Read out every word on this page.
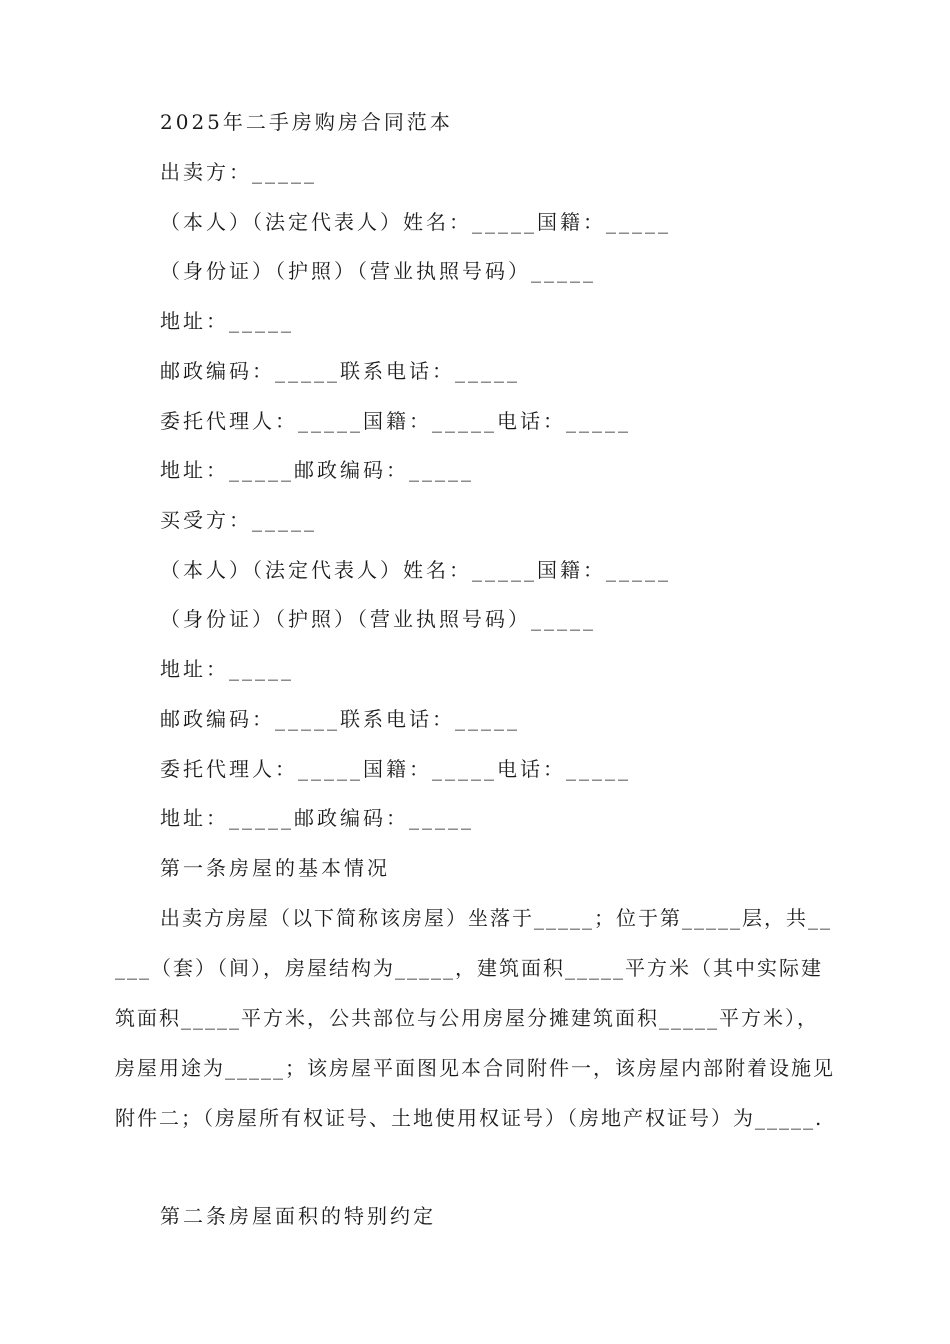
2025年二手房购房合同范本
出卖方：_____
（本人）（法定代表人）姓名：_____国籍：_____
（身份证）（护照）（营业执照号码）_____
地址：_____
邮政编码：_____联系电话：_____
委托代理人：_____国籍：_____电话：_____
地址：_____邮政编码：_____
买受方：_____
（本人）（法定代表人）姓名：_____国籍：_____
（身份证）（护照）（营业执照号码）_____
地址：_____
邮政编码：_____联系电话：_____
委托代理人：_____国籍：_____电话：_____
地址：_____邮政编码：_____
第一条房屋的基本情况
出卖方房屋（以下简称该房屋）坐落于_____；位于第_____层，共_____（套）（间），房屋结构为_____，建筑面积_____平方米（其中实际建筑面积_____平方米，公共部位与公用房屋分摊建筑面积_____平方米），房屋用途为_____；该房屋平面图见本合同附件一，该房屋内部附着设施见附件二；（房屋所有权证号、土地使用权证号）（房地产权证号）为_____.
第二条房屋面积的特别约定
